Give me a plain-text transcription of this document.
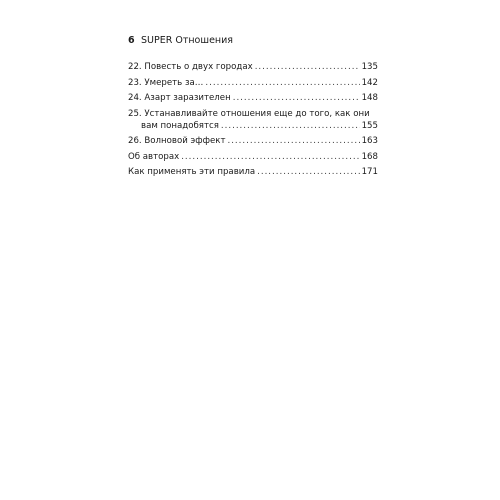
6 SUPER Отношения
22. Повесть о двух городах .....	135
23. Умереть за… .....	142
24. Азарт заразителен .....	148
25. Устанавливайте отношения еще до того, как они
вам понадобятся .....	155
26. Волновой эффект .....	163
Об авторах .....	168
Как применять эти правила .....	171
